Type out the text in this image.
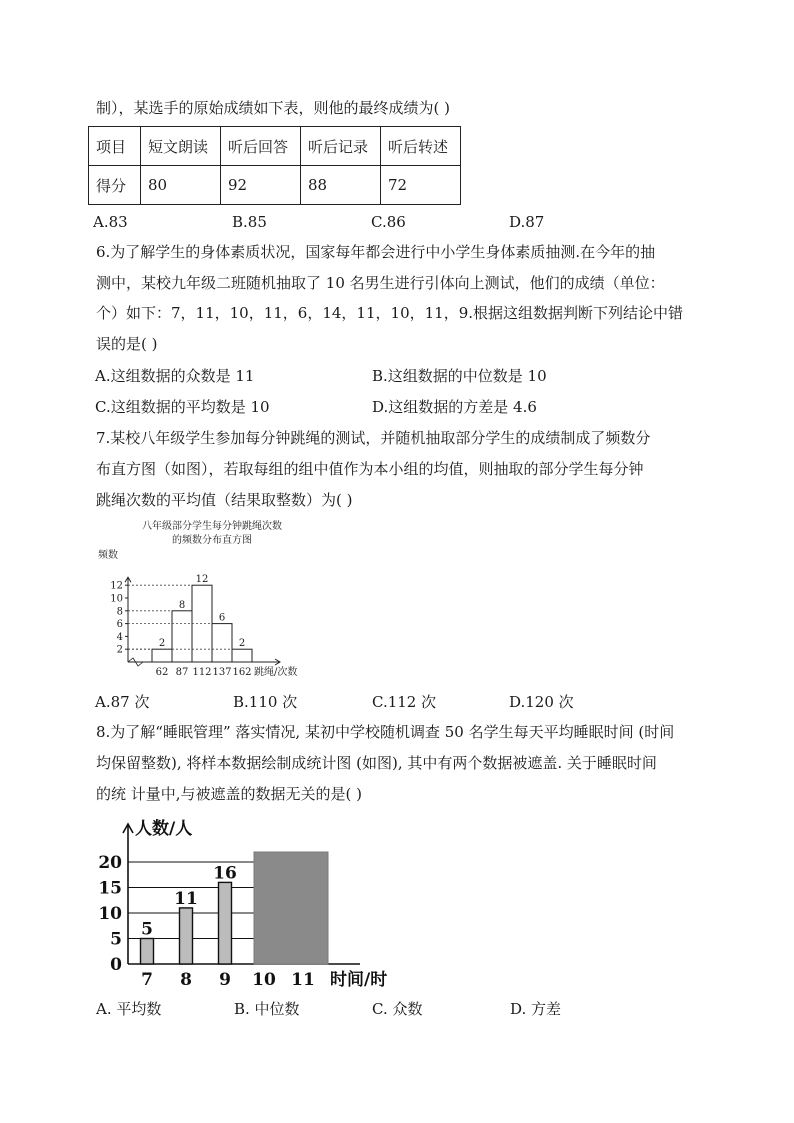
制），某选手的原始成绩如下表，则他的最终成绩为( )
项目	短文朗读	听后回答	听后记录	听后转述
得分	80	92	88	72
A.83	B.85	C.86	D.87
6.为了解学生的身体素质状况，国家每年都会进行中小学生身体素质抽测.在今年的抽
测中，某校九年级二班随机抽取了 10 名男生进行引体向上测试，他们的成绩（单位：
个）如下：7，11，10，11，6，14，11，10，11，9.根据这组数据判断下列结论中错
误的是( )
A.这组数据的众数是 11	B.这组数据的中位数是 10
C.这组数据的平均数是 10	D.这组数据的方差是 4.6
7.某校八年级学生参加每分钟跳绳的测试，并随机抽取部分学生的成绩制成了频数分
布直方图（如图），若取每组的组中值作为本小组的均值，则抽取的部分学生每分钟
跳绳次数的平均值（结果取整数）为( )
八年级部分学生每分钟跳绳次数
的频数分布直方图
频数
2
4
6
8
10
12
2
62
8
87
12
112
6
137
2
162 跳绳/次数
A.87 次	B.110 次	C.112 次	D.120 次
8.为了解“睡眠管理” 落实情况, 某初中学校随机调查 50 名学生每天平均睡眠时间 (时间
均保留整数), 将样本数据绘制成统计图 (如图), 其中有两个数据被遮盖. 关于睡眠时间
的统 计量中,与被遮盖的数据无关的是( )
人数/人
0
5
10
15
20
7
5
8
11
9
16
10 11 时间/时
A. 平均数	B. 中位数	C. 众数	D. 方差
